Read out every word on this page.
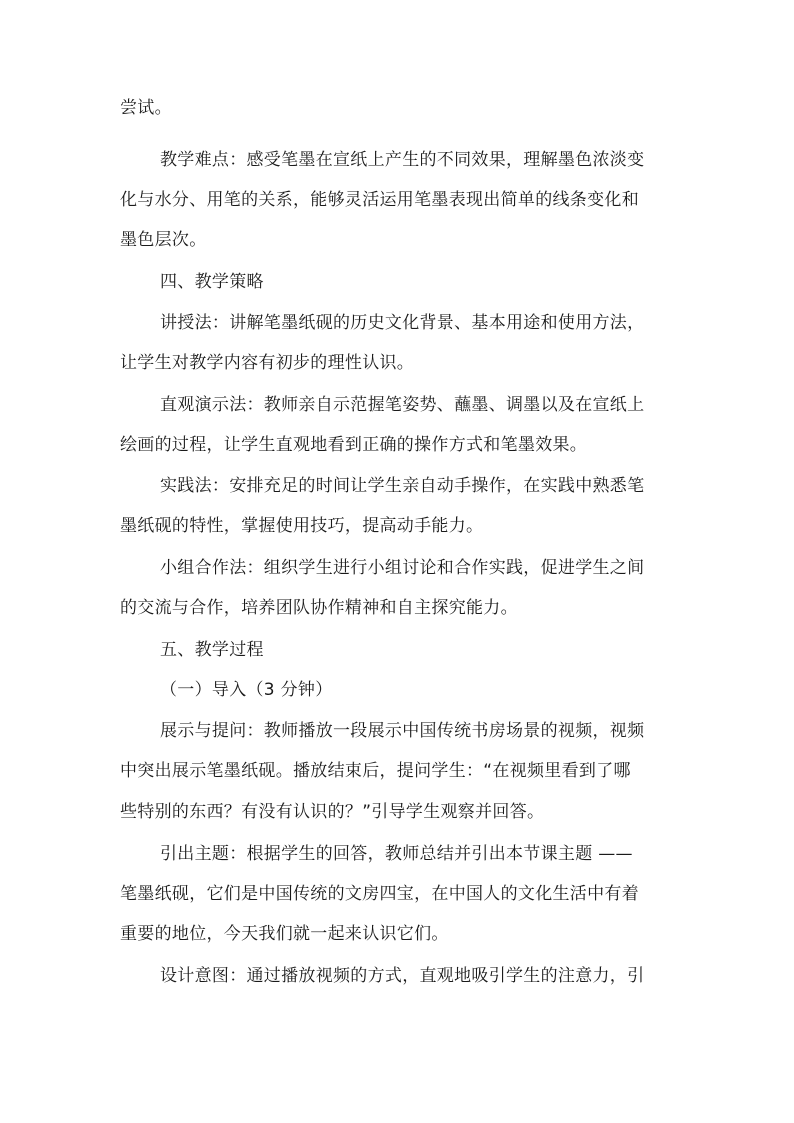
尝试。
教学难点：感受笔墨在宣纸上产生的不同效果，理解墨色浓淡变
化与水分、用笔的关系，能够灵活运用笔墨表现出简单的线条变化和
墨色层次。
四、教学策略
讲授法：讲解笔墨纸砚的历史文化背景、基本用途和使用方法，
让学生对教学内容有初步的理性认识。
直观演示法：教师亲自示范握笔姿势、蘸墨、调墨以及在宣纸上
绘画的过程，让学生直观地看到正确的操作方式和笔墨效果。
实践法：安排充足的时间让学生亲自动手操作，在实践中熟悉笔
墨纸砚的特性，掌握使用技巧，提高动手能力。
小组合作法：组织学生进行小组讨论和合作实践，促进学生之间
的交流与合作，培养团队协作精神和自主探究能力。
五、教学过程
（一）导入（3 分钟）
展示与提问：教师播放一段展示中国传统书房场景的视频，视频
中突出展示笔墨纸砚。播放结束后，提问学生：“在视频里看到了哪
些特别的东西？有没有认识的？”引导学生观察并回答。
引出主题：根据学生的回答，教师总结并引出本节课主题 ——
笔墨纸砚，它们是中国传统的文房四宝，在中国人的文化生活中有着
重要的地位，今天我们就一起来认识它们。
设计意图：通过播放视频的方式，直观地吸引学生的注意力，引
